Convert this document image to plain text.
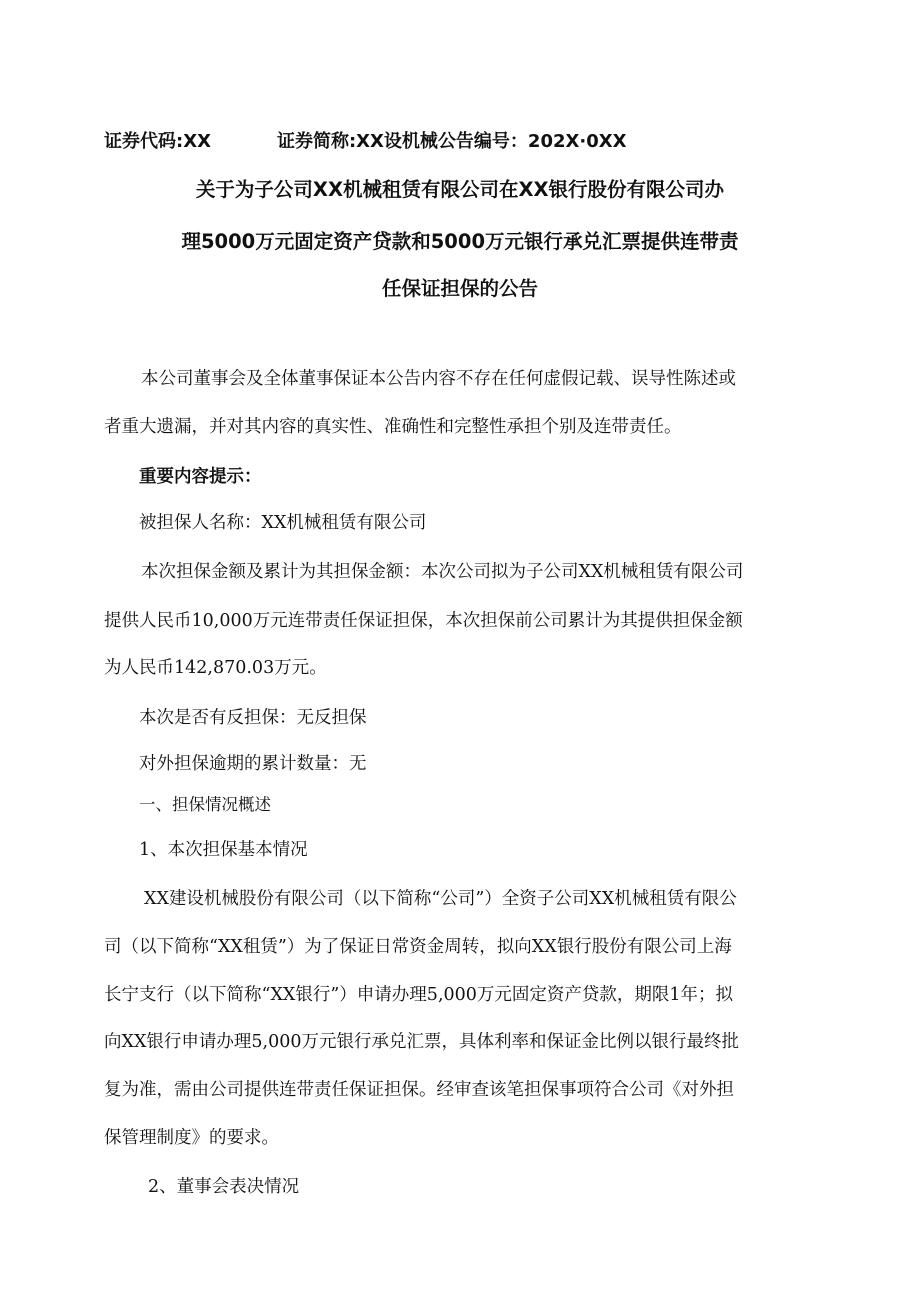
证券代码:XX	证券简称:XX设机械公告编号：202X·0XX
关于为子公司XX机械租赁有限公司在XX银行股份有限公司办
理5000万元固定资产贷款和5000万元银行承兑汇票提供连带责
任保证担保的公告
本公司董事会及全体董事保证本公告内容不存在任何虚假记载、误导性陈述或
者重大遗漏，并对其内容的真实性、准确性和完整性承担个别及连带责任。
重要内容提示：
被担保人名称：XX机械租赁有限公司
本次担保金额及累计为其担保金额：本次公司拟为子公司XX机械租赁有限公司
提供人民币10,000万元连带责任保证担保，本次担保前公司累计为其提供担保金额
为人民币142,870.03万元。
本次是否有反担保：无反担保
对外担保逾期的累计数量：无
一、担保情况概述
1、本次担保基本情况
XX建设机械股份有限公司（以下简称“公司”）全资子公司XX机械租赁有限公
司（以下简称“XX租赁”）为了保证日常资金周转，拟向XX银行股份有限公司上海
长宁支行（以下简称“XX银行”）申请办理5,000万元固定资产贷款，期限1年；拟
向XX银行申请办理5,000万元银行承兑汇票，具体利率和保证金比例以银行最终批
复为准，需由公司提供连带责任保证担保。经审查该笔担保事项符合公司《对外担
保管理制度》的要求。
2、董事会表决情况
